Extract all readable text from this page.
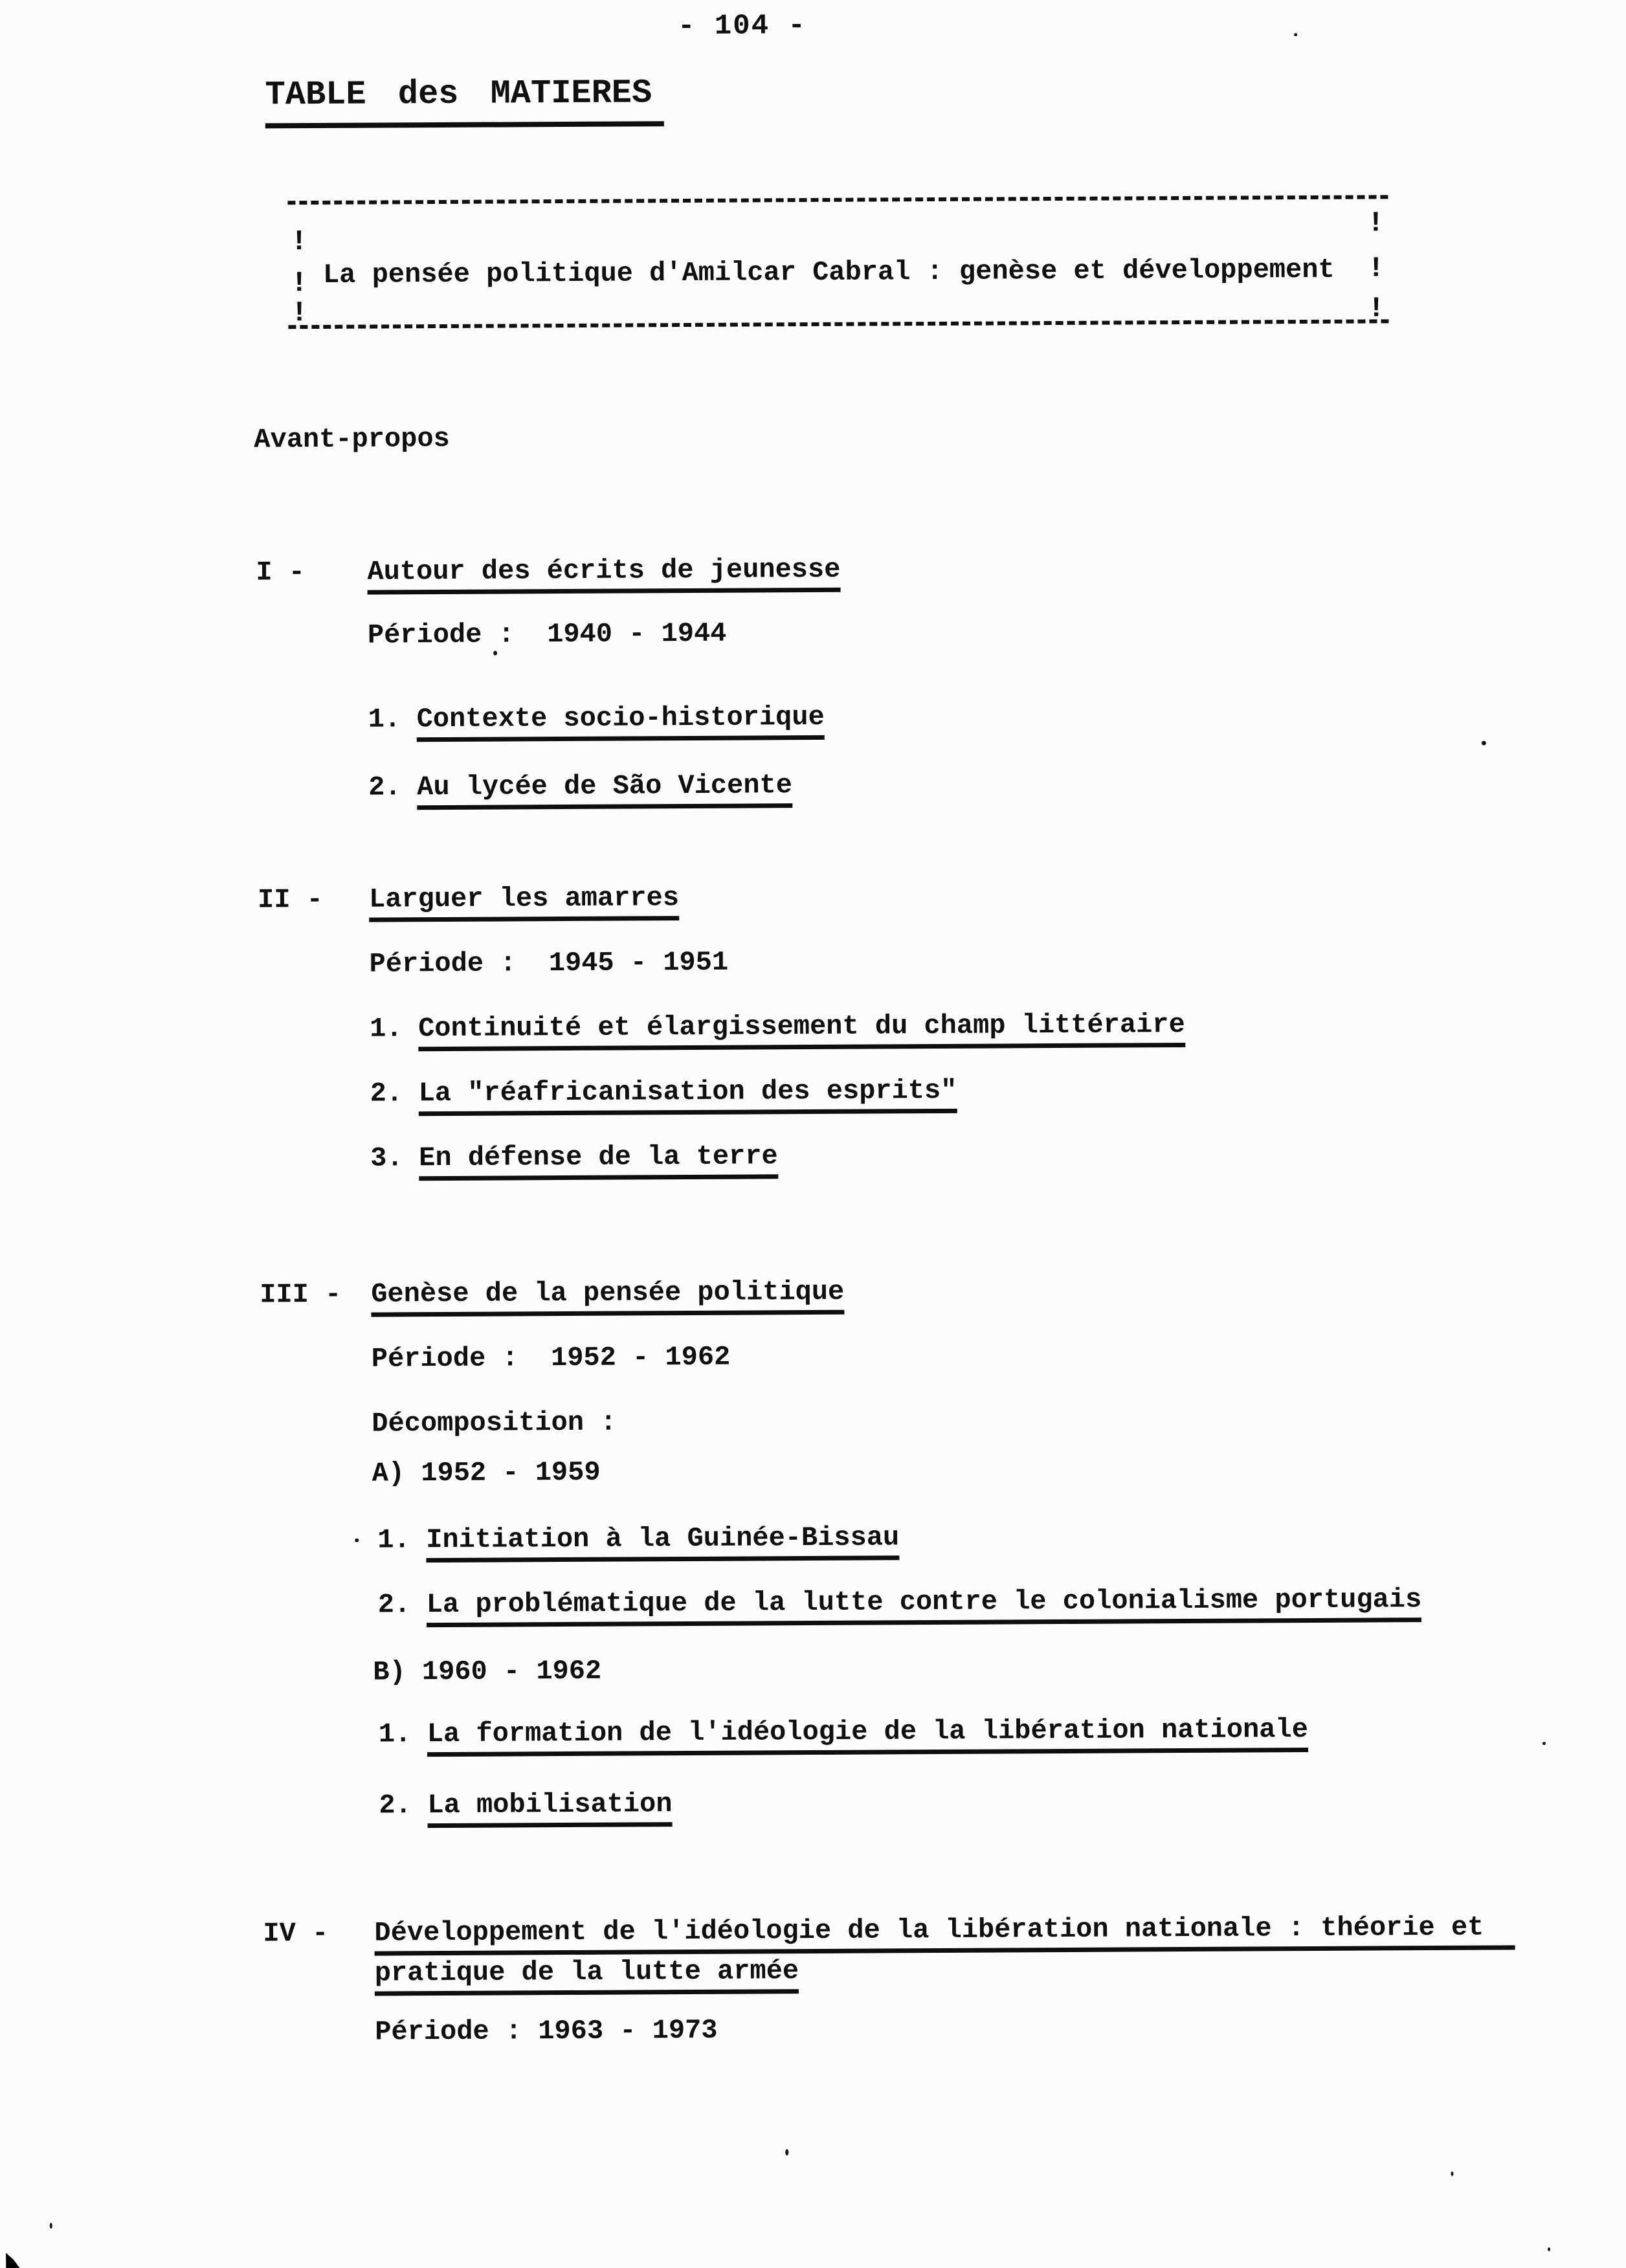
- 104 -
TABLE des MATIERES
!
!
!
!
!
!
La pensée politique d'Amilcar Cabral : genèse et développement
Avant-propos
I - Autour des écrits de jeunesse
Période :  1940 - 1944
1. Contexte socio-historique
2. Au lycée de São Vicente
II - Larguer les amarres
Période :  1945 - 1951
1. Continuité et élargissement du champ littéraire
2. La "réafricanisation des esprits"
3. En défense de la terre
III - Genèse de la pensée politique
Période :  1952 - 1962
Décomposition :
A) 1952 - 1959
1. Initiation à la Guinée-Bissau
2. La problématique de la lutte contre le colonialisme portugais
B) 1960 - 1962
1. La formation de l'idéologie de la libération nationale
2. La mobilisation
IV - Développement de l'idéologie de la libération nationale : théorie et
pratique de la lutte armée
Période : 1963 - 1973
